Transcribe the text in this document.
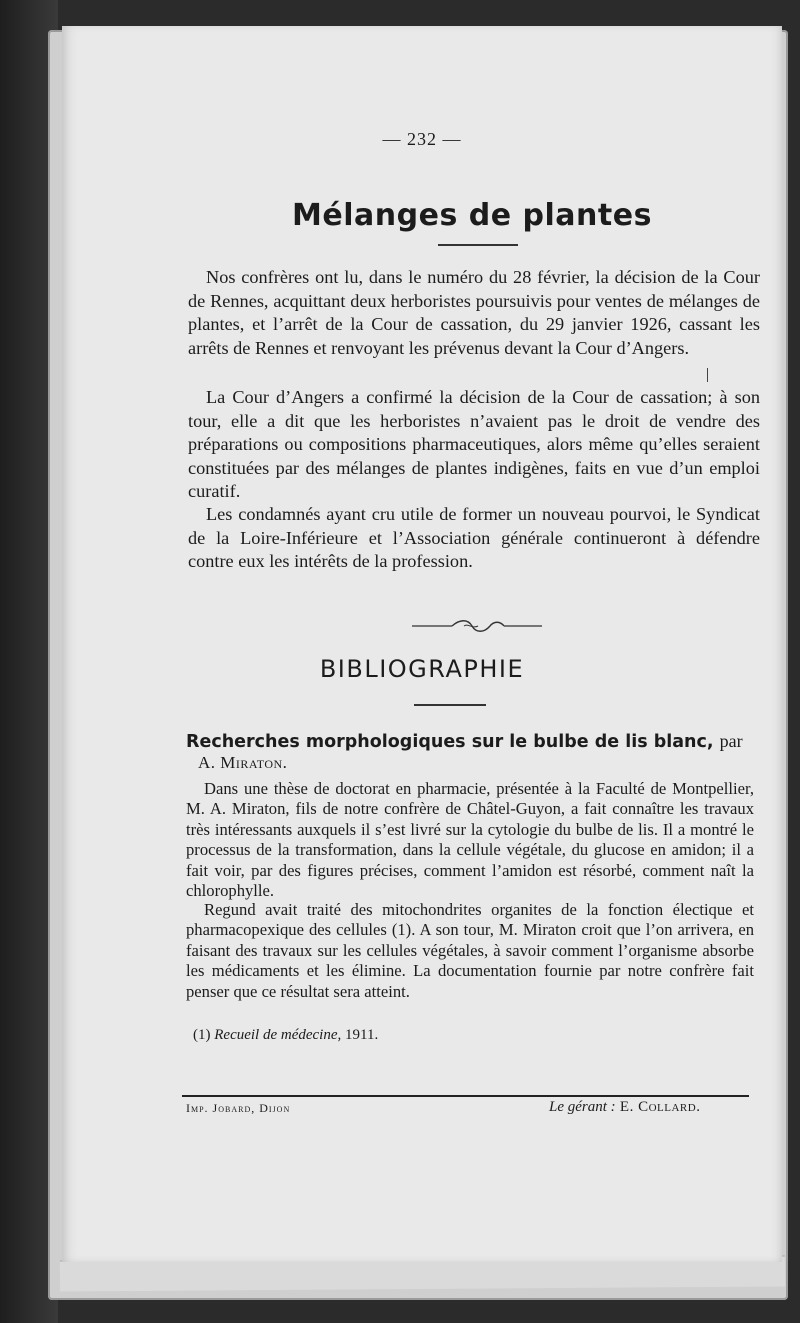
— 232 —
Mélanges de plantes

Nos confrères ont lu, dans le numéro du 28 février, la décision de la Cour de Rennes, acquittant deux herboristes poursuivis pour ventes de mélanges de plantes, et l’arrêt de la Cour de cassation, du 29 janvier 1926, cassant les arrêts de Rennes et renvoyant les prévenus devant la Cour d’Angers.

La Cour d’Angers a confirmé la décision de la Cour de cassation; à son tour, elle a dit que les herboristes n’avaient pas le droit de vendre des préparations ou compositions pharmaceutiques, alors même qu’elles seraient constituées par des mélanges de plantes indigènes, faits en vue d’un emploi curatif.

Les condamnés ayant cru utile de former un nouveau pourvoi, le Syndicat de la Loire-Inférieure et l’Association générale continueront à défendre contre eux les intérêts de la profession.

BIBLIOGRAPHIE
Recherches morphologiques sur le bulbe de lis blanc, par
A. Miraton.

Dans une thèse de doctorat en pharmacie, présentée à la Faculté de Montpellier, M. A. Miraton, fils de notre confrère de Châtel-Guyon, a fait connaître les travaux très intéressants auxquels il s’est livré sur la cytologie du bulbe de lis. Il a montré le processus de la transformation, dans la cellule végétale, du glucose en amidon; il a fait voir, par des figures précises, comment l’amidon est résorbé, comment naît la chlorophylle.

Regund avait traité des mitochondrites organites de la fonction électique et pharmacopexique des cellules (1). A son tour, M. Miraton croit que l’on arrivera, en faisant des travaux sur les cellules végétales, à savoir comment l’organisme absorbe les médicaments et les élimine. La documentation fournie par notre confrère fait penser que ce résultat sera atteint.

(1) Recueil de médecine, 1911.
Imp. Jobard, Dijon	Le gérant : E. Collard.
